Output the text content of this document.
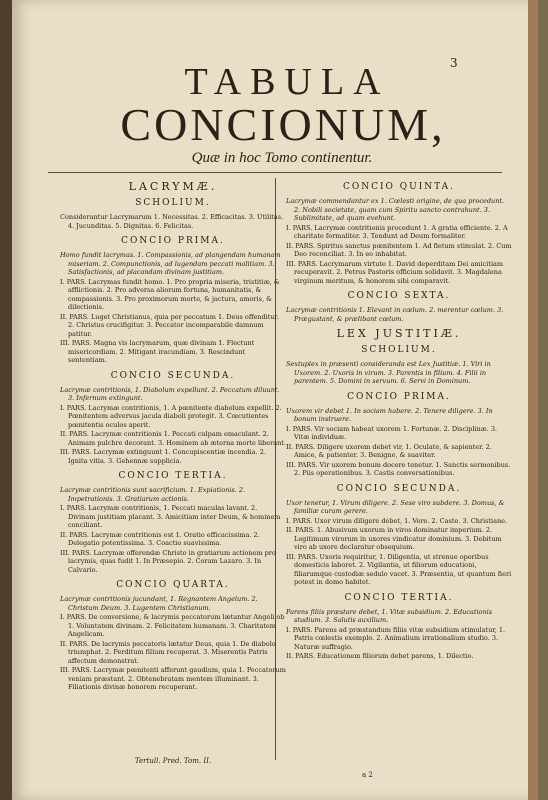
3
TABULA
CONCIONUM,
Quæ in hoc Tomo continentur.
LACRYMÆ.
SCHOLIUM.
Considerantur Lacrymarum 1. Necessitas. 2. Efficacitas. 3. Utilitas. 4. Jucunditas. 5. Dignitas. 6. Felicitas.
CONCIO PRIMA.
Homo fundit lacrymas. 1. Compassionis, ad plangendam humanam miseriam. 2. Compunctionis, ad lugendam peccati malitiam. 3. Satisfactionis, ad placandam divinam justitiam.
I. PARS. Lacrymas fundit homo. 1. Pro propria miseria, tristitiæ, & afflictionis. 2. Pro adversa aliorum fortuna, humanitatis, & compassionis. 3. Pro proximorum morte, & jactura, amoris, & dilectionis.
II. PARS. Luget Christianus, quia per peccatum 1. Deus offenditur. 2. Christus crucifigitur. 3. Peccator incomparabile damnum patitur.
III. PARS. Magna vis lacrymarum, quæ divinam 1. Flectunt misericordiam. 2. Mitigant iracundiam. 3. Rescindunt sententiam.
CONCIO SECUNDA.
Lacrymæ contritionis, 1. Diabolum expellunt. 2. Peccatum diluunt. 3. Infernum extingunt.
I. PARS. Lacrymæ contritionis, 1. A pœnitente diabolum expellit. 2. Pœnitentem adversus jacula diaboli protegit. 3. Cœcutientes pœnitentis oculos aperit.
II. PARS. Lacrymæ contritionis 1. Peccati culpam emaculant. 2. Animam pulchre decorant. 3. Hominem ab æterna morte liberant.
III. PARS. Lacrymæ extinguunt 1. Concupiscentiæ incendia. 2. Ignita vitia. 3. Gehennæ supplicia.
CONCIO TERTIA.
Lacrymæ contritionis sunt sacrificium. 1. Expiationis. 2. Impetrationis. 3. Gratiarum actionis.
I. PARS. Lacrymæ contritionis, 1. Peccati maculas lavant. 2. Divinam justitiam placant. 3. Amicitiam inter Deum, & hominem conciliant.
II. PARS. Lacrymæ contritionis est 1. Oratio efficacissima. 2. Delegatio potentissima. 3. Coactio suavissima.
III. PARS. Lacrymæ offerendæ Christo in gratiarum actionem pro lacrymis, quas fudit 1. In Præsepio. 2. Coram Lazaro. 3. In Calvario.
CONCIO QUARTA.
Lacrymæ contritionis jucundant, 1. Regnantem Angelum. 2. Christum Deum. 3. Lugentem Christianum.
I. PARS. De conversione, & lacrymis peccatorum lætantur Angeli ob 1. Voluntatem divinam. 2. Felicitatem humanam. 3. Charitatem Angelicam.
II. PARS. De lacrymis peccatoris lætatur Deus, quia 1. De diabolo triumphat. 2. Perditum filium recuperat. 3. Miserentis Patris affectum demonstrat.
III. PARS. Lacrymæ pœnitenti afferunt gaudium, quia 1. Peccatorum veniam præstant. 2. Obtenebratam mentem illuminant. 3. Filiationis divinæ honorem recuperant.
CONCIO QUINTA.
Lacrymæ commendantur ex 1. Cœlesti origine, de qua procedunt. 2. Nobili societate, quam cum Spiritu sancto contrahunt. 3. Sublimitate, ad quam evehunt.
I. PARS. Lacrymæ contritionis procedunt 1. A gratia efficiente. 2. A charitate formaliter. 3. Tendunt ad Deum formaliter.
II. PARS. Spiritus sanctus pœnitentem 1. Ad fletum stimulat. 2. Cum Deo reconciliat. 3. In eo inhabitat.
III. PARS. Lacrymarum virtute 1. David deperditam Dei amicitiam recuperavit. 2. Petrus Pastoris officium solidavit. 3. Magdalena virginum meritum, & honorem sibi comparavit.
CONCIO SEXTA.
Lacrymæ contritionis 1. Elevant in cœlum. 2. merentur cœlum. 3. Prægustant, & prælibant cœlum.
LEX JUSTITIÆ.
SCHOLIUM.
Sextuplex in præsenti consideranda est Lex Justitiæ. 1. Viri in Uxorem. 2. Uxoris in virum. 3. Parentis in filium. 4. Filii in parentem. 5. Domini in servum. 6. Servi in Dominum.
CONCIO PRIMA.
Uxorem vir debet 1. In sociam habere. 2. Tenere diligere. 3. In bonum instruere.
I. PARS. Vir sociam habeat uxorem 1. Fortunæ. 2. Disciplinæ. 3. Vitæ individuæ.
II. PARS. Diligere uxorem debet vir, 1. Oculate, & sapienter. 2. Amice, & patienter. 3. Benigne, & suaviter.
III. PARS. Vir uxorem bonum docere tenetur. 1. Sanctis sermonibus. 2. Piis operationibus. 3. Castis conversationibus.
CONCIO SECUNDA.
Uxor tenetur, 1. Virum diligere. 2. Sese viro subdere. 3. Domus, & familiæ curam gerere.
I. PARS. Uxor virum diligere debet, 1. Vere. 2. Caste. 3. Christiane.
II. PARS. 1. Abusivum uxorum in viros dominatur imperium. 2. Legitimum virorum in uxores vindicatur dominium. 3. Debitum viro ab uxore declaratur obsequium.
III. PARS. Uxoris requiritur, 1. Diligentia, ut strenue operibus domesticis laboret. 2. Vigilantia, ut filiorum educationi, filiarumque custodiæ sedulo vacet. 3. Præsentia, ut quantum fieri potest in domo habitet.
CONCIO TERTIA.
Parens filiis præstare debet, 1. Vitæ subsidium. 2. Educationis studium. 3. Salutis auxilium.
I. PARS. Parens ad præstandum filiis vitæ subsidium stimulatur, 1. Patris cœlestis exemplo. 2. Animalium irrationalium studio. 3. Naturæ suffragio.
II. PARS. Educationem filiorum debet parens, 1. Dilectio.
Tertull. Pred. Tom. II.
a 2
